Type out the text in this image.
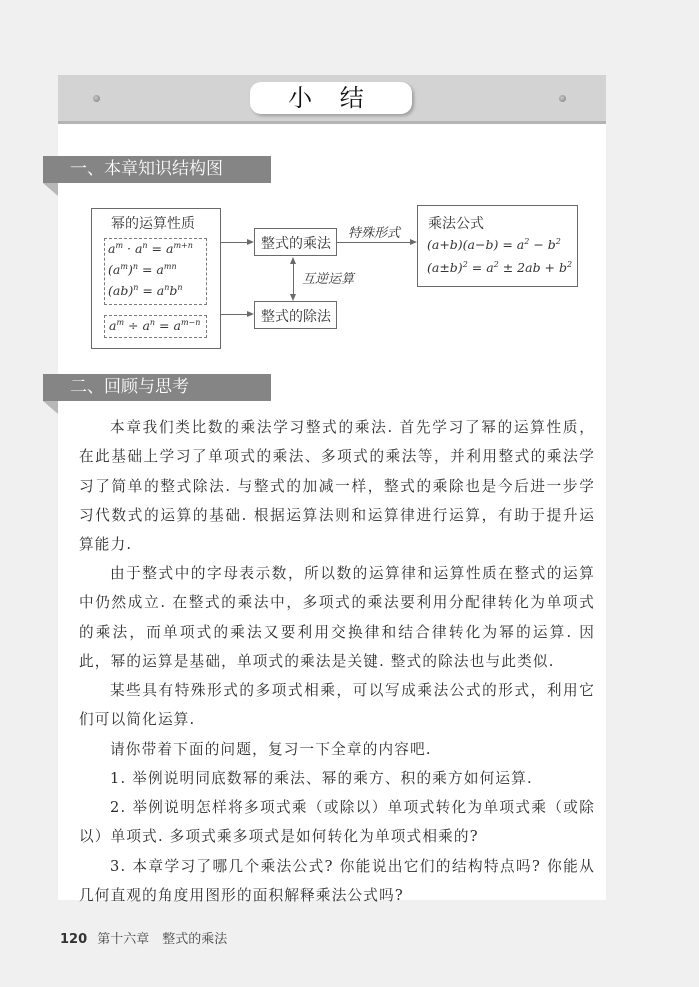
小 结
一、本章知识结构图
幂的运算性质
$a^m \cdot a^n = a^{m+n}$
$(a^m)^n = a^{mn}$
$(ab)^n = a^nb^n$
$a^m \div a^n = a^{m-n}$
整式的乘法
整式的除法
互逆运算
特殊形式
乘法公式
$(a+b)(a-b) = a^2 - b^2$
$(a\pm b)^2 = a^2 \pm 2ab + b^2$
二、回顾与思考
本章我们类比数的乘法学习整式的乘法. 首先学习了幂的运算性质，在此基础上学习了单项式的乘法、多项式的乘法等，并利用整式的乘法学习了简单的整式除法. 与整式的加减一样，整式的乘除也是今后进一步学习代数式的运算的基础. 根据运算法则和运算律进行运算，有助于提升运算能力.
由于整式中的字母表示数，所以数的运算律和运算性质在整式的运算中仍然成立. 在整式的乘法中，多项式的乘法要利用分配律转化为单项式的乘法，而单项式的乘法又要利用交换律和结合律转化为幂的运算. 因此，幂的运算是基础，单项式的乘法是关键. 整式的除法也与此类似.
某些具有特殊形式的多项式相乘，可以写成乘法公式的形式，利用它们可以简化运算.
请你带着下面的问题，复习一下全章的内容吧.
1. 举例说明同底数幂的乘法、幂的乘方、积的乘方如何运算.
2. 举例说明怎样将多项式乘（或除以）单项式转化为单项式乘（或除以）单项式. 多项式乘多项式是如何转化为单项式相乘的?
3. 本章学习了哪几个乘法公式? 你能说出它们的结构特点吗? 你能从几何直观的角度用图形的面积解释乘法公式吗?
120 第十六章　整式的乘法
